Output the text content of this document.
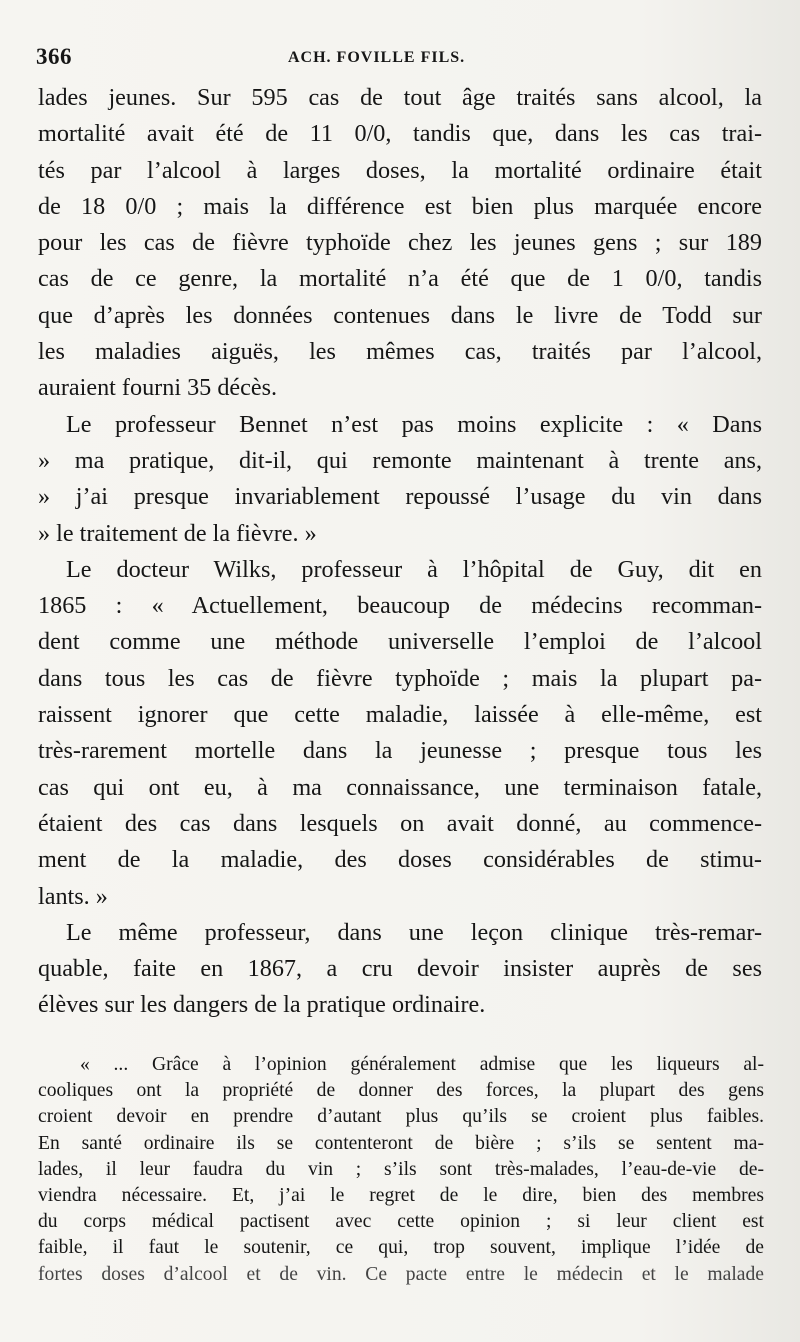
366	ACH. FOVILLE FILS.
lades jeunes. Sur 595 cas de tout âge traités sans alcool, la
mortalité avait été de 11 0/0, tandis que, dans les cas trai-
tés par l’alcool à larges doses, la mortalité ordinaire était
de 18 0/0 ; mais la différence est bien plus marquée encore
pour les cas de fièvre typhoïde chez les jeunes gens ; sur 189
cas de ce genre, la mortalité n’a été que de 1 0/0, tandis
que d’après les données contenues dans le livre de Todd sur
les maladies aiguës, les mêmes cas, traités par l’alcool,
auraient fourni 35 décès.
Le professeur Bennet n’est pas moins explicite : « Dans
» ma pratique, dit-il, qui remonte maintenant à trente ans,
» j’ai presque invariablement repoussé l’usage du vin dans
» le traitement de la fièvre. »
Le docteur Wilks, professeur à l’hôpital de Guy, dit en
1865 : « Actuellement, beaucoup de médecins recomman-
dent comme une méthode universelle l’emploi de l’alcool
dans tous les cas de fièvre typhoïde ; mais la plupart pa-
raissent ignorer que cette maladie, laissée à elle-même, est
très-rarement mortelle dans la jeunesse ; presque tous les
cas qui ont eu, à ma connaissance, une terminaison fatale,
étaient des cas dans lesquels on avait donné, au commence-
ment de la maladie, des doses considérables de stimu-
lants. »
Le même professeur, dans une leçon clinique très-remar-
quable, faite en 1867, a cru devoir insister auprès de ses
élèves sur les dangers de la pratique ordinaire.
« ... Grâce à l’opinion généralement admise que les liqueurs al-
cooliques ont la propriété de donner des forces, la plupart des gens
croient devoir en prendre d’autant plus qu’ils se croient plus faibles.
En santé ordinaire ils se contenteront de bière ; s’ils se sentent ma-
lades, il leur faudra du vin ; s’ils sont très-malades, l’eau-de-vie de-
viendra nécessaire. Et, j’ai le regret de le dire, bien des membres
du corps médical pactisent avec cette opinion ; si leur client est
faible, il faut le soutenir, ce qui, trop souvent, implique l’idée de
fortes doses d’alcool et de vin. Ce pacte entre le médecin et le malade
